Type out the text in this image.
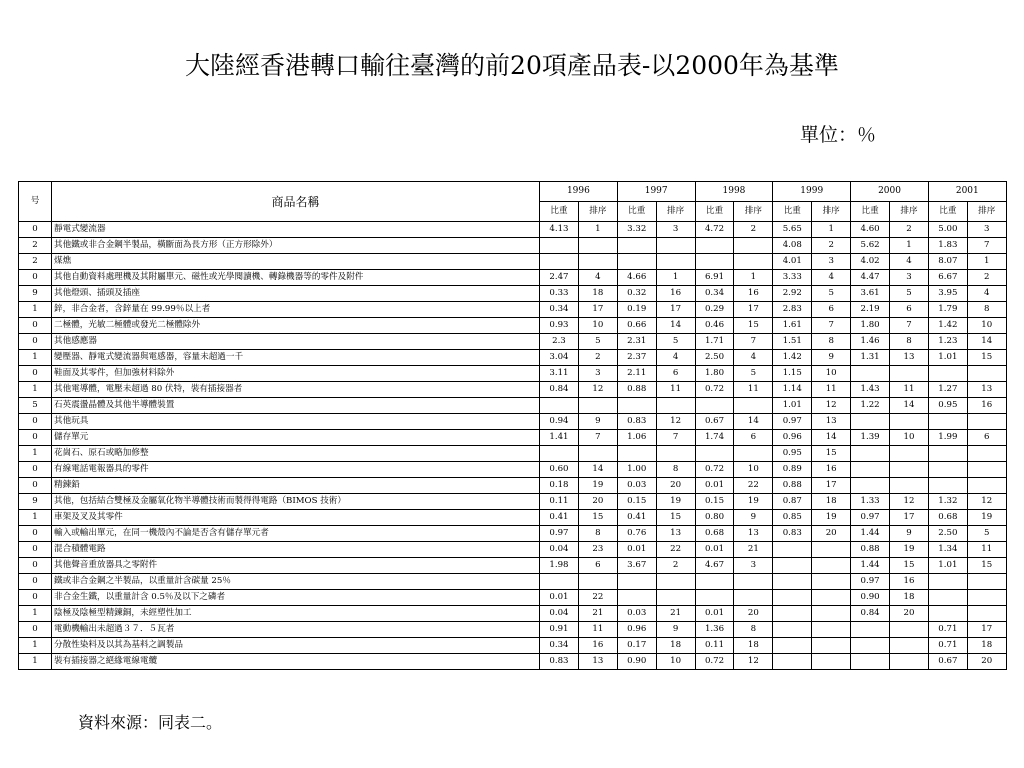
大陸經香港轉口輸往臺灣的前20項產品表-以2000年為基準
單位：％
号	商品名稱	1996		1997		1998		1999		2000		2001	
		比重	排序	比重	排序	比重	排序	比重	排序	比重	排序	比重	排序
0	靜電式變流器	4.13	1	3.32	3	4.72	2	5.65	1	4.60	2	5.00	3
2	其他鐵或非合金鋼半製品，橫斷面為長方形（正方形除外）							4.08	2	5.62	1	1.83	7
2	煤燋							4.01	3	4.02	4	8.07	1
0	其他自動資料處理機及其附屬單元、磁性或光學閱讀機、轉錄機器等的零件及附件	2.47	4	4.66	1	6.91	1	3.33	4	4.47	3	6.67	2
9	其他燈頭、插頭及插座	0.33	18	0.32	16	0.34	16	2.92	5	3.61	5	3.95	4
1	鋅，非合金者，含鋅量在 99.99％以上者	0.34	17	0.19	17	0.29	17	2.83	6	2.19	6	1.79	8
0	二極體，光敏二極體或發光二極體除外	0.93	10	0.66	14	0.46	15	1.61	7	1.80	7	1.42	10
0	其他感應器	2.3	5	2.31	5	1.71	7	1.51	8	1.46	8	1.23	14
1	變壓器、靜電式變流器與電感器，容量未超過一千	3.04	2	2.37	4	2.50	4	1.42	9	1.31	13	1.01	15
0	鞋面及其零件，但加強材料除外	3.11	3	2.11	6	1.80	5	1.15	10				
1	其他電導體，電壓未超過 80 伏特，裝有插接器者	0.84	12	0.88	11	0.72	11	1.14	11	1.43	11	1.27	13
5	石英震盪晶體及其他半導體裝置							1.01	12	1.22	14	0.95	16
0	其他玩具	0.94	9	0.83	12	0.67	14	0.97	13				
0	儲存單元	1.41	7	1.06	7	1.74	6	0.96	14	1.39	10	1.99	6
1	花崗石、原石或略加修整							0.95	15				
0	有線電話電報器具的零件	0.60	14	1.00	8	0.72	10	0.89	16				
0	精鍊鉛	0.18	19	0.03	20	0.01	22	0.88	17				
9	其他，包括結合雙極及金屬氧化物半導體技術而製得得電路（BIMOS 技術）	0.11	20	0.15	19	0.15	19	0.87	18	1.33	12	1.32	12
1	車架及叉及其零件	0.41	15	0.41	15	0.80	9	0.85	19	0.97	17	0.68	19
0	輸入或輸出單元，在同一機殼內不論是否含有儲存單元者	0.97	8	0.76	13	0.68	13	0.83	20	1.44	9	2.50	5
0	混合積體電路	0.04	23	0.01	22	0.01	21			0.88	19	1.34	11
0	其他聲音重放器具之零附件	1.98	6	3.67	2	4.67	3			1.44	15	1.01	15
0	鐵或非合金鋼之半製品，以重量計含碳量 25％									0.97	16		
0	非合金生鐵，以重量計含 0.5％及以下之磷者	0.01	22							0.90	18		
1	陰極及陰極型精鍊銅，未經塑性加工	0.04	21	0.03	21	0.01	20			0.84	20		
0	電動機輸出未超過３７．５瓦者	0.91	11	0.96	9	1.36	8					0.71	17
1	分散性染料及以其為基料之調製品	0.34	16	0.17	18	0.11	18					0.71	18
1	裝有插接器之絕緣電線電纜	0.83	13	0.90	10	0.72	12					0.67	20
資料來源：同表二。
